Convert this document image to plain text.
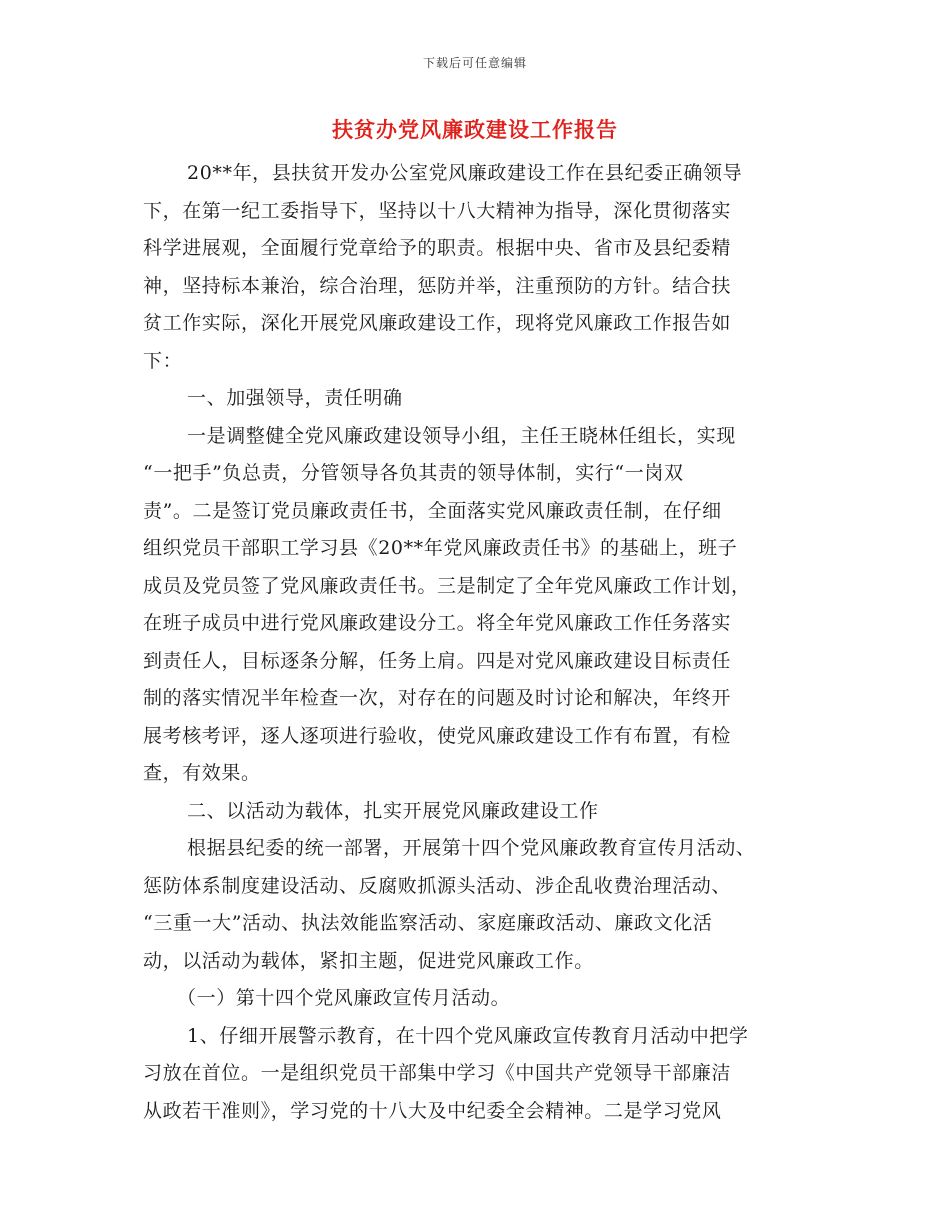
下载后可任意编辑
扶贫办党风廉政建设工作报告
20**年，县扶贫开发办公室党风廉政建设工作在县纪委正确领导
下，在第一纪工委指导下，坚持以十八大精神为指导，深化贯彻落实
科学进展观，全面履行党章给予的职责。根据中央、省市及县纪委精
神，坚持标本兼治，综合治理，惩防并举，注重预防的方针。结合扶
贫工作实际，深化开展党风廉政建设工作，现将党风廉政工作报告如
下：
一、加强领导，责任明确
一是调整健全党风廉政建设领导小组，主任王晓林任组长，实现
“一把手”负总责，分管领导各负其责的领导体制，实行“一岗双
责”。二是签订党员廉政责任书，全面落实党风廉政责任制，在仔细
组织党员干部职工学习县《20**年党风廉政责任书》的基础上，班子
成员及党员签了党风廉政责任书。三是制定了全年党风廉政工作计划，
在班子成员中进行党风廉政建设分工。将全年党风廉政工作任务落实
到责任人，目标逐条分解，任务上肩。四是对党风廉政建设目标责任
制的落实情况半年检查一次，对存在的问题及时讨论和解决，年终开
展考核考评，逐人逐项进行验收，使党风廉政建设工作有布置，有检
查，有效果。
二、以活动为载体，扎实开展党风廉政建设工作
根据县纪委的统一部署，开展第十四个党风廉政教育宣传月活动、
惩防体系制度建设活动、反腐败抓源头活动、涉企乱收费治理活动、
“三重一大”活动、执法效能监察活动、家庭廉政活动、廉政文化活
动，以活动为载体，紧扣主题，促进党风廉政工作。
（一）第十四个党风廉政宣传月活动。
1、仔细开展警示教育，在十四个党风廉政宣传教育月活动中把学
习放在首位。一是组织党员干部集中学习《中国共产党领导干部廉洁
从政若干准则》，学习党的十八大及中纪委全会精神。二是学习党风
